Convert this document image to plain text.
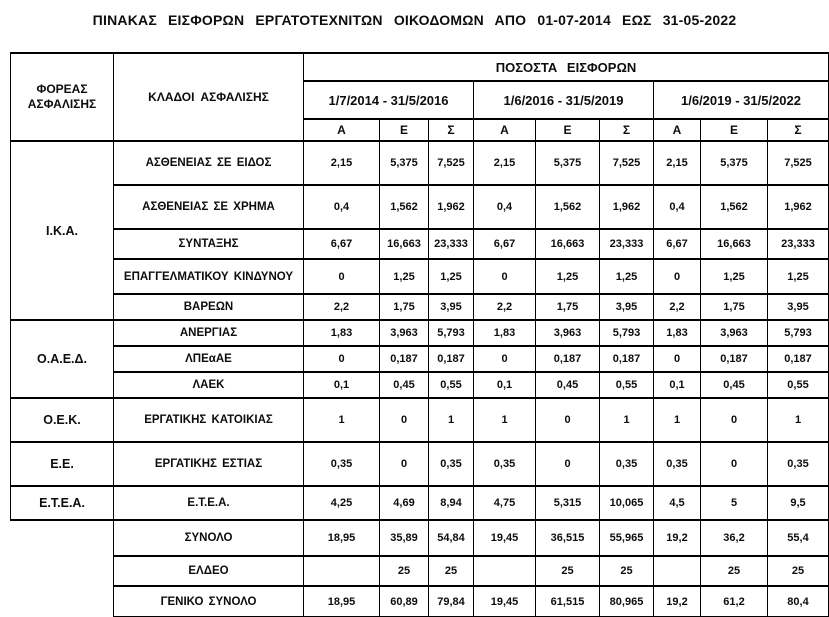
ΠΙΝΑΚΑΣ ΕΙΣΦΟΡΩΝ ΕΡΓΑΤΟΤΕΧΝΙΤΩΝ ΟΙΚΟΔΟΜΩΝ ΑΠΟ 01-07-2014 ΕΩΣ 31-05-2022
ΦΟΡΕΑΣ ΑΣΦΑΛΙΣΗΣ	ΚΛΑΔΟΙ ΑΣΦΑΛΙΣΗΣ	ΠΟΣΟΣΤΑ ΕΙΣΦΟΡΩΝ								
		1/7/2014 - 31/5/2016			1/6/2016 - 31/5/2019			1/6/2019 - 31/5/2022		
		Α	Ε	Σ	Α	Ε	Σ	Α	Ε	Σ
Ι.Κ.Α.	ΑΣΘΕΝΕΙΑΣ ΣΕ ΕΙΔΟΣ	2,15	5,375	7,525	2,15	5,375	7,525	2,15	5,375	7,525
	ΑΣΘΕΝΕΙΑΣ ΣΕ ΧΡΗΜΑ	0,4	1,562	1,962	0,4	1,562	1,962	0,4	1,562	1,962
	ΣΥΝΤΑΞΗΣ	6,67	16,663	23,333	6,67	16,663	23,333	6,67	16,663	23,333
	ΕΠΑΓΓΕΛΜΑΤΙΚΟΥ ΚΙΝΔΥΝΟΥ	0	1,25	1,25	0	1,25	1,25	0	1,25	1,25
	ΒΑΡΕΩΝ	2,2	1,75	3,95	2,2	1,75	3,95	2,2	1,75	3,95
Ο.Α.Ε.Δ.	ΑΝΕΡΓΙΑΣ	1,83	3,963	5,793	1,83	3,963	5,793	1,83	3,963	5,793
	ΛΠΕαΑΕ	0	0,187	0,187	0	0,187	0,187	0	0,187	0,187
	ΛΑΕΚ	0,1	0,45	0,55	0,1	0,45	0,55	0,1	0,45	0,55
Ο.Ε.Κ.	ΕΡΓΑΤΙΚΗΣ ΚΑΤΟΙΚΙΑΣ	1	0	1	1	0	1	1	0	1
Ε.Ε.	ΕΡΓΑΤΙΚΗΣ ΕΣΤΙΑΣ	0,35	0	0,35	0,35	0	0,35	0,35	0	0,35
Ε.Τ.Ε.Α.	Ε.Τ.Ε.Α.	4,25	4,69	8,94	4,75	5,315	10,065	4,5	5	9,5
	ΣΥΝΟΛΟ	18,95	35,89	54,84	19,45	36,515	55,965	19,2	36,2	55,4
	ΕΛΔΕΟ		25	25		25	25		25	25
	ΓΕΝΙΚΟ ΣΥΝΟΛΟ	18,95	60,89	79,84	19,45	61,515	80,965	19,2	61,2	80,4
